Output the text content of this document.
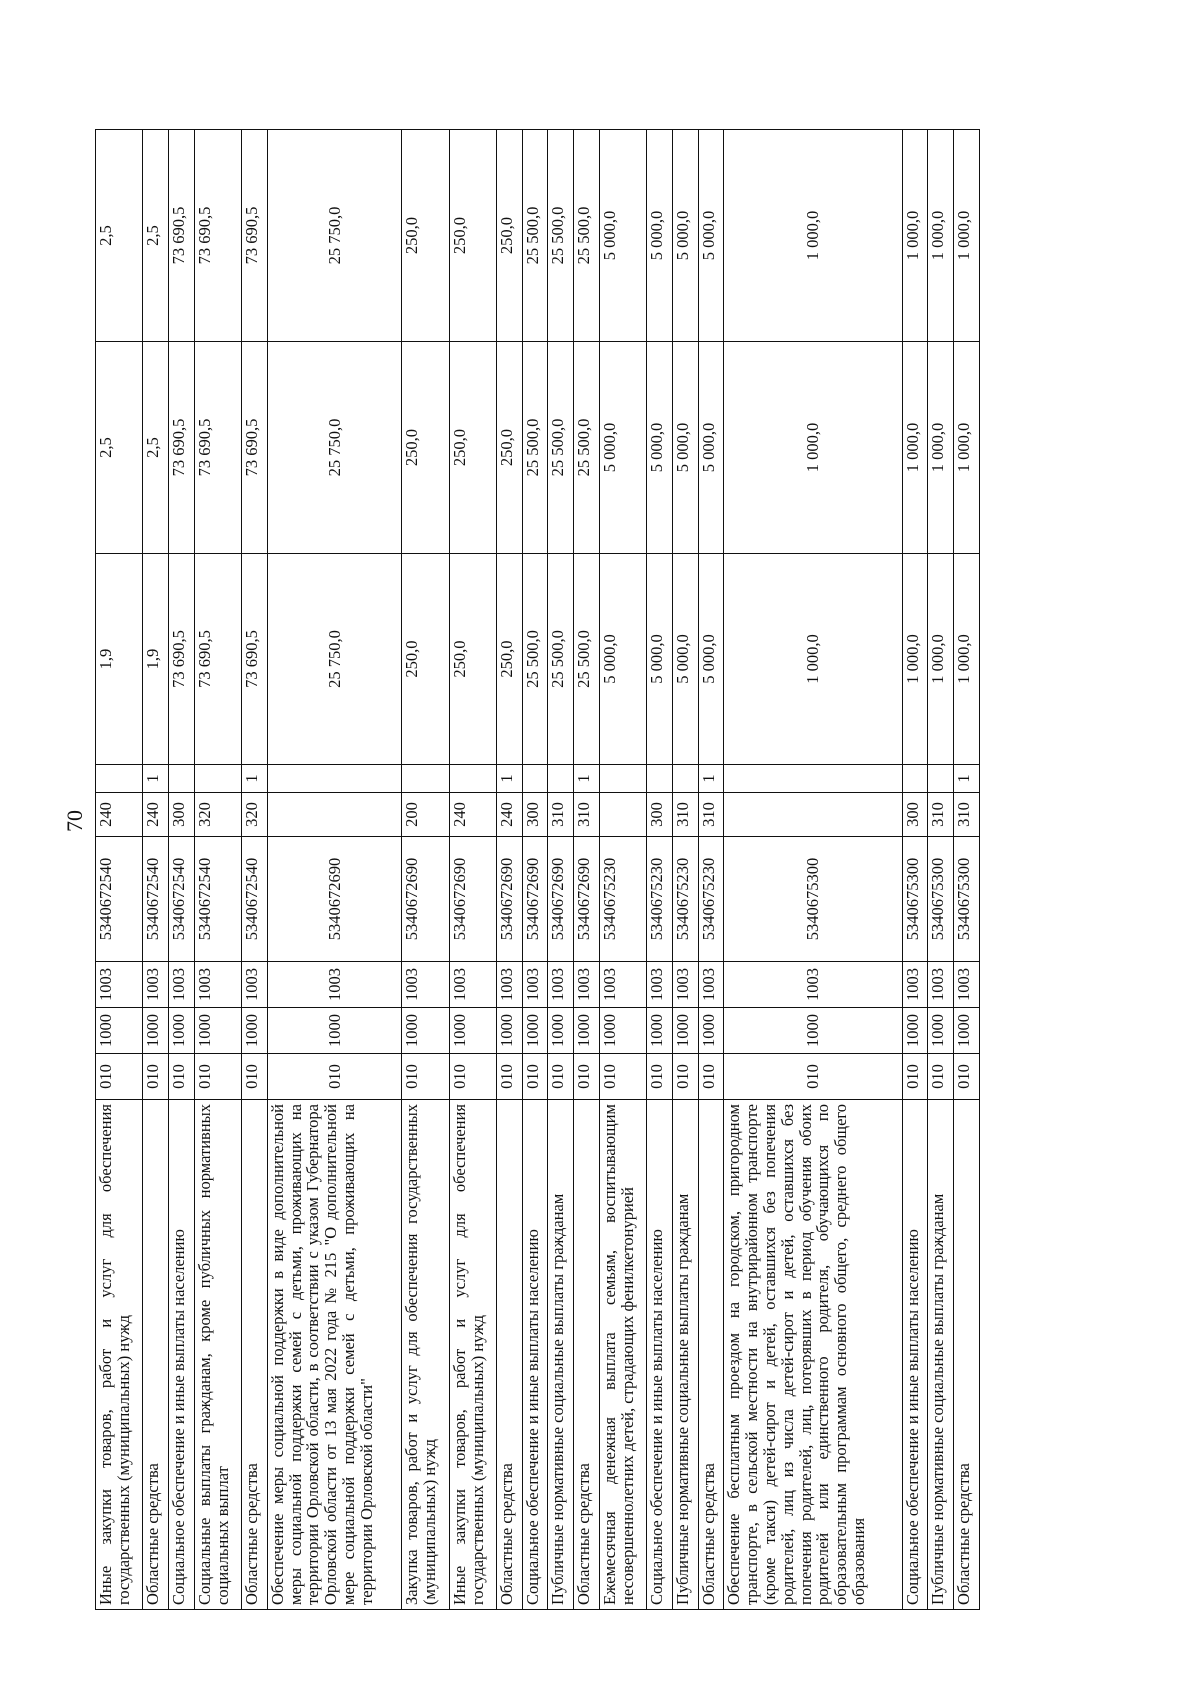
70
Иные закупки товаров, работ и услуг для обеспечения государственных (муниципальных) нужд	010	1000	1003	5340672540	240		1,9	2,5	2,5
Областные средства	010	1000	1003	5340672540	240	1	1,9	2,5	2,5
Социальное обеспечение и иные выплаты населению	010	1000	1003	5340672540	300		73 690,5	73 690,5	73 690,5
Социальные выплаты гражданам, кроме публичных нормативных социальных выплат	010	1000	1003	5340672540	320		73 690,5	73 690,5	73 690,5
Областные средства	010	1000	1003	5340672540	320	1	73 690,5	73 690,5	73 690,5
Обеспечение меры социальной поддержки в виде дополнительной меры социальной поддержки семей с детьми, проживающих на территории Орловской области, в соответствии с указом Губернатора Орловской области от 13 мая 2022 года № 215 "О дополнительной мере социальной поддержки семей с детьми, проживающих на территории Орловской области"	010	1000	1003	5340672690			25 750,0	25 750,0	25 750,0
Закупка товаров, работ и услуг для обеспечения государственных (муниципальных) нужд	010	1000	1003	5340672690	200		250,0	250,0	250,0
Иные закупки товаров, работ и услуг для обеспечения государственных (муниципальных) нужд	010	1000	1003	5340672690	240		250,0	250,0	250,0
Областные средства	010	1000	1003	5340672690	240	1	250,0	250,0	250,0
Социальное обеспечение и иные выплаты населению	010	1000	1003	5340672690	300		25 500,0	25 500,0	25 500,0
Публичные нормативные социальные выплаты гражданам	010	1000	1003	5340672690	310		25 500,0	25 500,0	25 500,0
Областные средства	010	1000	1003	5340672690	310	1	25 500,0	25 500,0	25 500,0
Ежемесячная денежная выплата семьям, воспитывающим несовершеннолетних детей, страдающих фенилкетонурией	010	1000	1003	5340675230			5 000,0	5 000,0	5 000,0
Социальное обеспечение и иные выплаты населению	010	1000	1003	5340675230	300		5 000,0	5 000,0	5 000,0
Публичные нормативные социальные выплаты гражданам	010	1000	1003	5340675230	310		5 000,0	5 000,0	5 000,0
Областные средства	010	1000	1003	5340675230	310	1	5 000,0	5 000,0	5 000,0
Обеспечение бесплатным проездом на городском, пригородном транспорте, в сельской местности на внутрирайонном транспорте (кроме такси) детей-сирот и детей, оставшихся без попечения родителей, лиц из числа детей-сирот и детей, оставшихся без попечения родителей, лиц, потерявших в период обучения обоих родителей или единственного родителя, обучающихся по образовательным программам основного общего, среднего общего образования	010	1000	1003	5340675300			1 000,0	1 000,0	1 000,0
Социальное обеспечение и иные выплаты населению	010	1000	1003	5340675300	300		1 000,0	1 000,0	1 000,0
Публичные нормативные социальные выплаты гражданам	010	1000	1003	5340675300	310		1 000,0	1 000,0	1 000,0
Областные средства	010	1000	1003	5340675300	310	1	1 000,0	1 000,0	1 000,0
